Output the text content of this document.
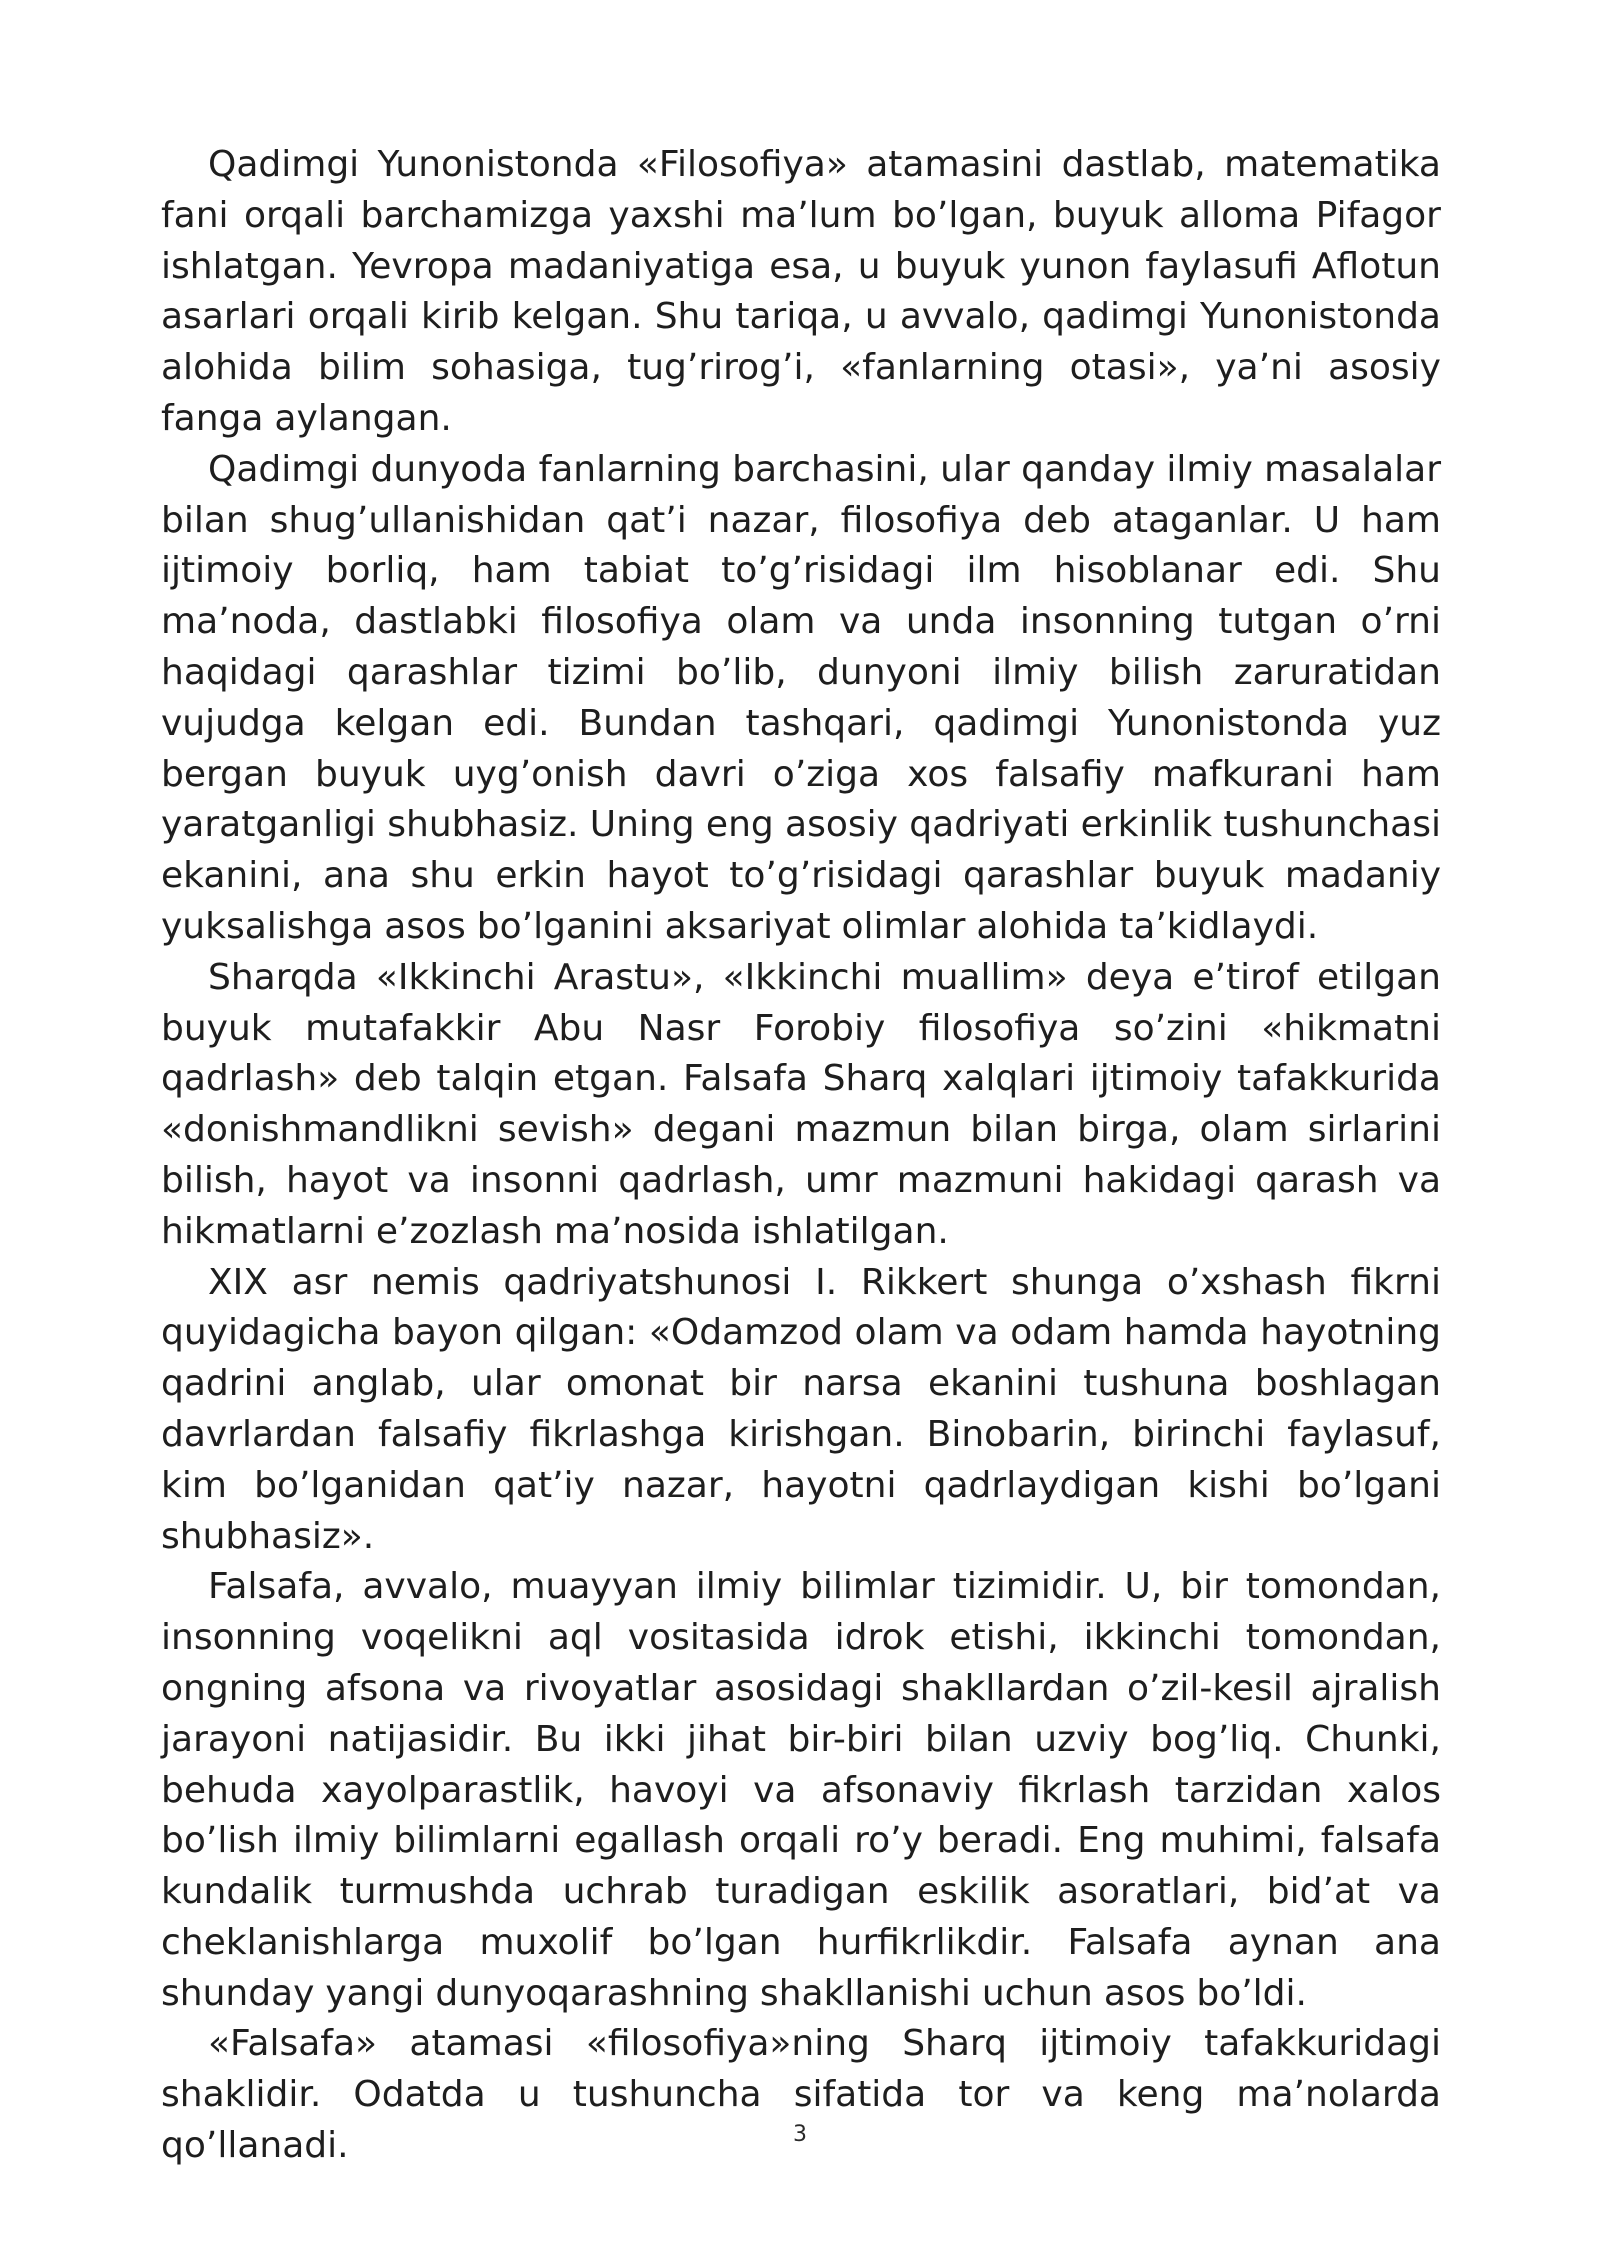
Qadimgi Yunonistonda «Filosofiya» atamasini dastlab, matematika fani orqali barchamizga yaxshi ma’lum bo’lgan, buyuk alloma Pifagor ishlatgan. Yevropa madaniyatiga esa, u buyuk yunon faylasufi Aflotun asarlari orqali kirib kelgan. Shu tariqa, u avvalo, qadimgi Yunonistonda alohida bilim sohasiga, tug’rirog’i, «fanlarning otasi», ya’ni asosiy fanga aylangan.

Qadimgi dunyoda fanlarning barchasini, ular qanday ilmiy masalalar bilan shug’ullanishidan qat’i nazar, filosofiya deb ataganlar. U ham ijtimoiy borliq, ham tabiat to’g’risidagi ilm hisoblanar edi. Shu ma’noda, dastlabki filosofiya olam va unda insonning tutgan o’rni haqidagi qarashlar tizimi bo’lib, dunyoni ilmiy bilish zaruratidan vujudga kelgan edi. Bundan tashqari, qadimgi Yunonistonda yuz bergan buyuk uyg’onish davri o’ziga xos falsafiy mafkurani ham yaratganligi shubhasiz. Uning eng asosiy qadriyati erkinlik tushunchasi ekanini, ana shu erkin hayot to’g’risidagi qarashlar buyuk madaniy yuksalishga asos bo’lganini aksariyat olimlar alohida ta’kidlaydi.

Sharqda «Ikkinchi Arastu», «Ikkinchi muallim» deya e’tirof etilgan buyuk mutafakkir Abu Nasr Forobiy filosofiya so’zini «hikmatni qadrlash» deb talqin etgan. Falsafa Sharq xalqlari ijtimoiy tafakkurida «donishmandlikni sevish» degani mazmun bilan birga, olam sirlarini bilish, hayot va insonni qadrlash, umr mazmuni hakidagi qarash va hikmatlarni e’zozlash ma’nosida ishlatilgan.

XIX asr nemis qadriyatshunosi I. Rikkert shunga o’xshash fikrni quyidagicha bayon qilgan: «Odamzod olam va odam hamda hayotning qadrini anglab, ular omonat bir narsa ekanini tushuna boshlagan davrlardan falsafiy fikrlashga kirishgan. Binobarin, birinchi faylasuf, kim bo’lganidan qat’iy nazar, hayotni qadrlaydigan kishi bo’lgani shubhasiz».

Falsafa, avvalo, muayyan ilmiy bilimlar tizimidir. U, bir tomondan, insonning voqelikni aql vositasida idrok etishi, ikkinchi tomondan, ongning afsona va rivoyatlar asosidagi shakllardan o’zil-kesil ajralish jarayoni natijasidir. Bu ikki jihat bir-biri bilan uzviy bog’liq. Chunki, behuda xayolparastlik, havoyi va afsonaviy fikrlash tarzidan xalos bo’lish ilmiy bilimlarni egallash orqali ro’y beradi. Eng muhimi, falsafa kundalik turmushda uchrab turadigan eskilik asoratlari, bid’at va cheklanishlarga muxolif bo’lgan hurfikrlikdir. Falsafa aynan ana shunday yangi dunyoqarashning shakllanishi uchun asos bo’ldi.

«Falsafa» atamasi «filosofiya»ning Sharq ijtimoiy tafakkuridagi shaklidir. Odatda u tushuncha sifatida tor va keng ma’nolarda qo’llanadi.	3
